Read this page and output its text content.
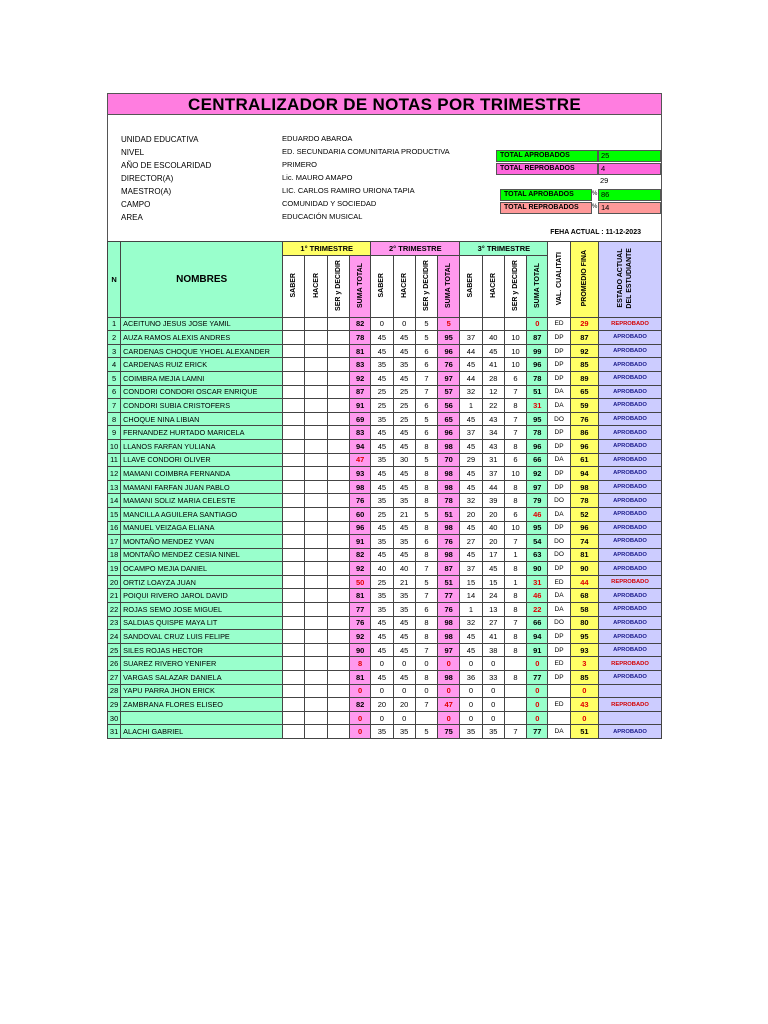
CENTRALIZADOR DE NOTAS POR TRIMESTRE
UNIDAD EDUCATIVA	EDUARDO ABAROA
NIVEL	ED. SECUNDARIA COMUNITARIA PRODUCTIVA
AÑO DE ESCOLARIDAD	PRIMERO
DIRECTOR(A)	Lic. MAURO AMAPO
MAESTRO(A)	LIC. CARLOS RAMIRO URIONA TAPIA
CAMPO	COMUNIDAD Y SOCIEDAD
AREA	EDUCACIÓN MUSICAL
TOTAL APROBADOS	25
TOTAL REPROBADOS	4
29
TOTAL APROBADOS	% 86
TOTAL REPROBADOS	% 14
FEHA ACTUAL : 11-12-2023
N	NOMBRES	1° TRIMESTRE				2° TRIMESTRE				3° TRIMESTRE				VAL. CUALITATI	PROMEDIO FINA	ESTADO ACTUAL DEL ESTUDIANTE
		SABER	HACER	SER y DECIDIR	SUMA TOTAL	SABER	HACER	SER y DECIDIR	SUMA TOTAL	SABER	HACER	SER y DECIDIR	SUMA TOTAL			
1	ACEITUNO JESUS JOSE YAMIL				82	0	0	5	5				0	ED	29	REPROBADO
2	AUZA RAMOS ALEXIS ANDRES				78	45	45	5	95	37	40	10	87	DP	87	APROBADO
3	CARDENAS CHOQUE YHOEL ALEXANDER				81	45	45	6	96	44	45	10	99	DP	92	APROBADO
4	CARDENAS RUIZ ERICK				83	35	35	6	76	45	41	10	96	DP	85	APROBADO
5	COIMBRA MEJIA LAMNI				92	45	45	7	97	44	28	6	78	DP	89	APROBADO
6	CONDORI CONDORI OSCAR ENRIQUE				87	25	25	7	57	32	12	7	51	DA	65	APROBADO
7	CONDORI SUBIA CRISTOFERS				91	25	25	6	56	1	22	8	31	DA	59	APROBADO
8	CHOQUE NINA LIBIAN				69	35	25	5	65	45	43	7	95	DO	76	APROBADO
9	FERNANDEZ HURTADO MARICELA				83	45	45	6	96	37	34	7	78	DP	86	APROBADO
10	LLANOS FARFAN YULIANA				94	45	45	8	98	45	43	8	96	DP	96	APROBADO
11	LLAVE CONDORI OLIVER				47	35	30	5	70	29	31	6	66	DA	61	APROBADO
12	MAMANI COIMBRA FERNANDA				93	45	45	8	98	45	37	10	92	DP	94	APROBADO
13	MAMANI FARFAN JUAN PABLO				98	45	45	8	98	45	44	8	97	DP	98	APROBADO
14	MAMANI SOLIZ MARIA CELESTE				76	35	35	8	78	32	39	8	79	DO	78	APROBADO
15	MANCILLA AGUILERA SANTIAGO				60	25	21	5	51	20	20	6	46	DA	52	APROBADO
16	MANUEL VEIZAGA ELIANA				96	45	45	8	98	45	40	10	95	DP	96	APROBADO
17	MONTAÑO MENDEZ YVAN				91	35	35	6	76	27	20	7	54	DO	74	APROBADO
18	MONTAÑO MENDEZ CESIA NINEL				82	45	45	8	98	45	17	1	63	DO	81	APROBADO
19	OCAMPO MEJIA DANIEL				92	40	40	7	87	37	45	8	90	DP	90	APROBADO
20	ORTIZ LOAYZA JUAN				50	25	21	5	51	15	15	1	31	ED	44	REPROBADO
21	POIQUI RIVERO JAROL DAVID				81	35	35	7	77	14	24	8	46	DA	68	APROBADO
22	ROJAS SEMO JOSE MIGUEL				77	35	35	6	76	1	13	8	22	DA	58	APROBADO
23	SALDIAS QUISPE MAYA LIT				76	45	45	8	98	32	27	7	66	DO	80	APROBADO
24	SANDOVAL CRUZ LUIS FELIPE				92	45	45	8	98	45	41	8	94	DP	95	APROBADO
25	SILES ROJAS HECTOR				90	45	45	7	97	45	38	8	91	DP	93	APROBADO
26	SUAREZ RIVERO YENIFER				8	0	0	0	0	0	0		0	ED	3	REPROBADO
27	VARGAS SALAZAR DANIELA				81	45	45	8	98	36	33	8	77	DP	85	APROBADO
28	YAPU PARRA JHON ERICK				0	0	0	0	0	0	0		0		0	
29	ZAMBRANA FLORES ELISEO				82	20	20	7	47	0	0		0	ED	43	REPROBADO
30					0	0	0		0	0	0		0		0	
31	ALACHI GABRIEL				0	35	35	5	75	35	35	7	77	DA	51	APROBADO
